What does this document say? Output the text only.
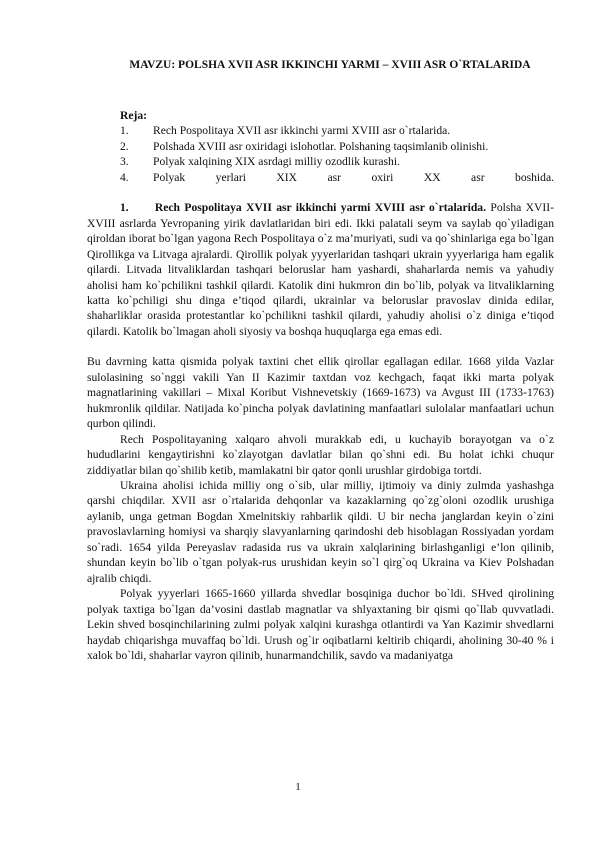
MAVZU: POLSHA XVII ASR IKKINCHI YARMI – XVIII ASR O`RTALARIDA

Reja:

1.	Rech Pospolitaya XVII asr ikkinchi yarmi XVIII asr o`rtalarida.
2. Polshada XVIII asr oxiridagi islohotlar. Polshaning taqsimlanib olinishi.
3.	Polyak xalqining XIX asrdagi milliy ozodlik kurashi.
4.	Polyak yerlari XIX asr oxiri XX asr boshida.

1. Rech Pospolitaya XVII asr ikkinchi yarmi XVIII asr o`rtalarida. Polsha XVII-XVIII asrlarda Yevropaning yirik davlatlaridan biri edi. Ikki palatali seym va saylab qo`yiladigan qiroldan iborat bo`lgan yagona Rech Pospolitaya o`z ma’muriyati, sudi va qo`shinlariga ega bo`lgan Qirollikga va Litvaga ajralardi. Qirollik polyak yyyerlaridan tashqari ukrain yyyerlariga ham egalik qilardi. Litvada litvaliklardan tashqari beloruslar ham yashardi, shaharlarda nemis va yahudiy aholisi ham ko`pchilikni tashkil qilardi. Katolik dini hukmron din bo`lib, polyak va litvaliklarning katta ko`pchiligi shu dinga e’tiqod qilardi, ukrainlar va beloruslar pravoslav dinida edilar, shaharliklar orasida protestantlar ko`pchilikni tashkil qilardi, yahudiy aholisi o`z diniga e’tiqod qilardi. Katolik bo`lmagan aholi siyosiy va boshqa huquqlarga ega emas edi.

Bu davrning katta qismida polyak taxtini chet ellik qirollar egallagan edilar. 1668 yilda Vazlar sulolasining so`nggi vakili Yan II Kazimir taxtdan voz kechgach, faqat ikki marta polyak magnatlarining vakillari – Mixal Koribut Vishnevetskiy (1669-1673) va Avgust III (1733-1763) hukmronlik qildilar. Natijada ko`pincha polyak davlatining manfaatlari sulolalar manfaatlari uchun qurbon qilindi.

Rech Pospolitayaning xalqaro ahvoli murakkab edi, u kuchayib borayotgan va o`z hududlarini kengaytirishni ko`zlayotgan davlatlar bilan qo`shni edi. Bu holat ichki chuqur ziddiyatlar bilan qo`shilib ketib, mamlakatni bir qator qonli urushlar girdobiga tortdi.

Ukraina aholisi ichida milliy ong o`sib, ular milliy, ijtimoiy va diniy zulmda yashashga qarshi chiqdilar. XVII asr o`rtalarida dehqonlar va kazaklarning qo`zg`oloni ozodlik urushiga aylanib, unga getman Bogdan Xmelnitskiy rahbarlik qildi. U bir necha janglardan keyin o`zini pravoslavlarning homiysi va sharqiy slavyanlarning qarindoshi deb hisoblagan Rossiyadan yordam so`radi. 1654 yilda Pereyaslav radasida rus va ukrain xalqlarining birlashganligi e’lon qilinib, shundan keyin bo`lib o`tgan polyak-rus urushidan keyin so`l qirg`oq Ukraina va Kiev Polshadan ajralib chiqdi.

Polyak yyyerlari 1665-1660 yillarda shvedlar bosqiniga duchor bo`ldi. SHved qirolining polyak taxtiga bo`lgan da’vosini dastlab magnatlar va shlyaxtaning bir qismi qo`llab quvvatladi. Lekin shved bosqinchilarining zulmi polyak xalqini kurashga otlantirdi va Yan Kazimir shvedlarni haydab chiqarishga muvaffaq bo`ldi. Urush og`ir oqibatlarni keltirib chiqardi, aholining 30-40 % i xalok bo`ldi, shaharlar vayron qilinib, hunarmandchilik, savdo va madaniyatga

1
